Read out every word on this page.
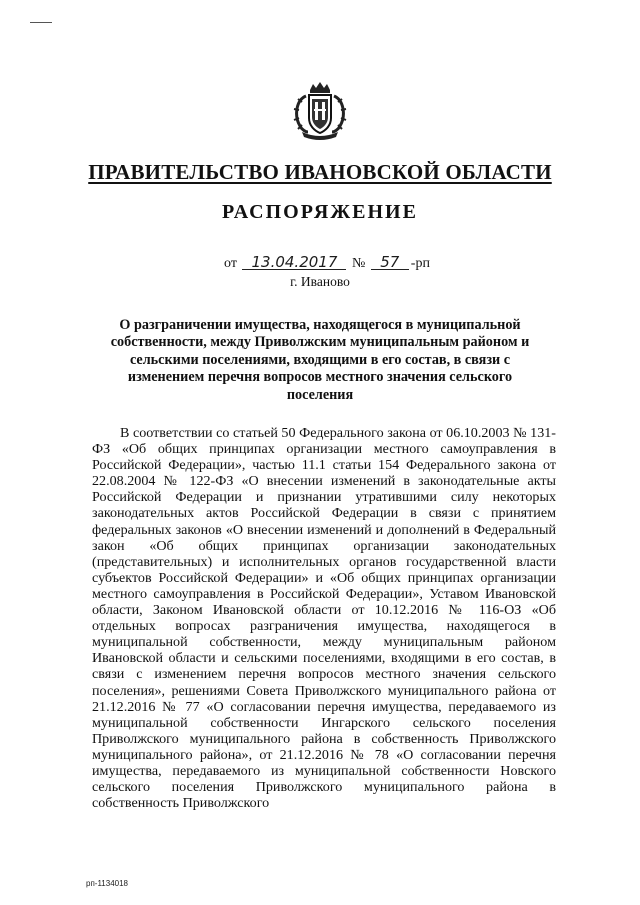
ПРАВИТЕЛЬСТВО ИВАНОВСКОЙ ОБЛАСТИ
РАСПОРЯЖЕНИЕ
от 13.04.2017 № 57 -рп
г. Иваново
О разграничении имущества, находящегося в муниципальной собственности, между Приволжским муниципальным районом и сельскими поселениями, входящими в его состав, в связи с изменением перечня вопросов местного значения сельского поселения
В соответствии со статьей 50 Федерального закона от 06.10.2003 № 131-ФЗ «Об общих принципах организации местного самоуправления в Российской Федерации», частью 11.1 статьи 154 Федерального закона от 22.08.2004 № 122-ФЗ «О внесении изменений в законодательные акты Российской Федерации и признании утратившими силу некоторых законодательных актов Российской Федерации в связи с принятием федеральных законов «О внесении изменений и дополнений в Федеральный закон «Об общих принципах организации законодательных (представительных) и исполнительных органов государственной власти субъектов Российской Федерации» и «Об общих принципах организации местного самоуправления в Российской Федерации», Уставом Ивановской области, Законом Ивановской области от 10.12.2016 № 116-ОЗ «Об отдельных вопросах разграничения имущества, находящегося в муниципальной собственности, между муниципальным районом Ивановской области и сельскими поселениями, входящими в его состав, в связи с изменением перечня вопросов местного значения сельского поселения», решениями Совета Приволжского муниципального района от 21.12.2016 № 77 «О согласовании перечня имущества, передаваемого из муниципальной собственности Ингарского сельского поселения Приволжского муниципального района в собственность Приволжского муниципального района», от 21.12.2016 № 78 «О согласовании перечня имущества, передаваемого из муниципальной собственности Новского сельского поселения Приволжского муниципального района в собственность Приволжского
рп-1134018
